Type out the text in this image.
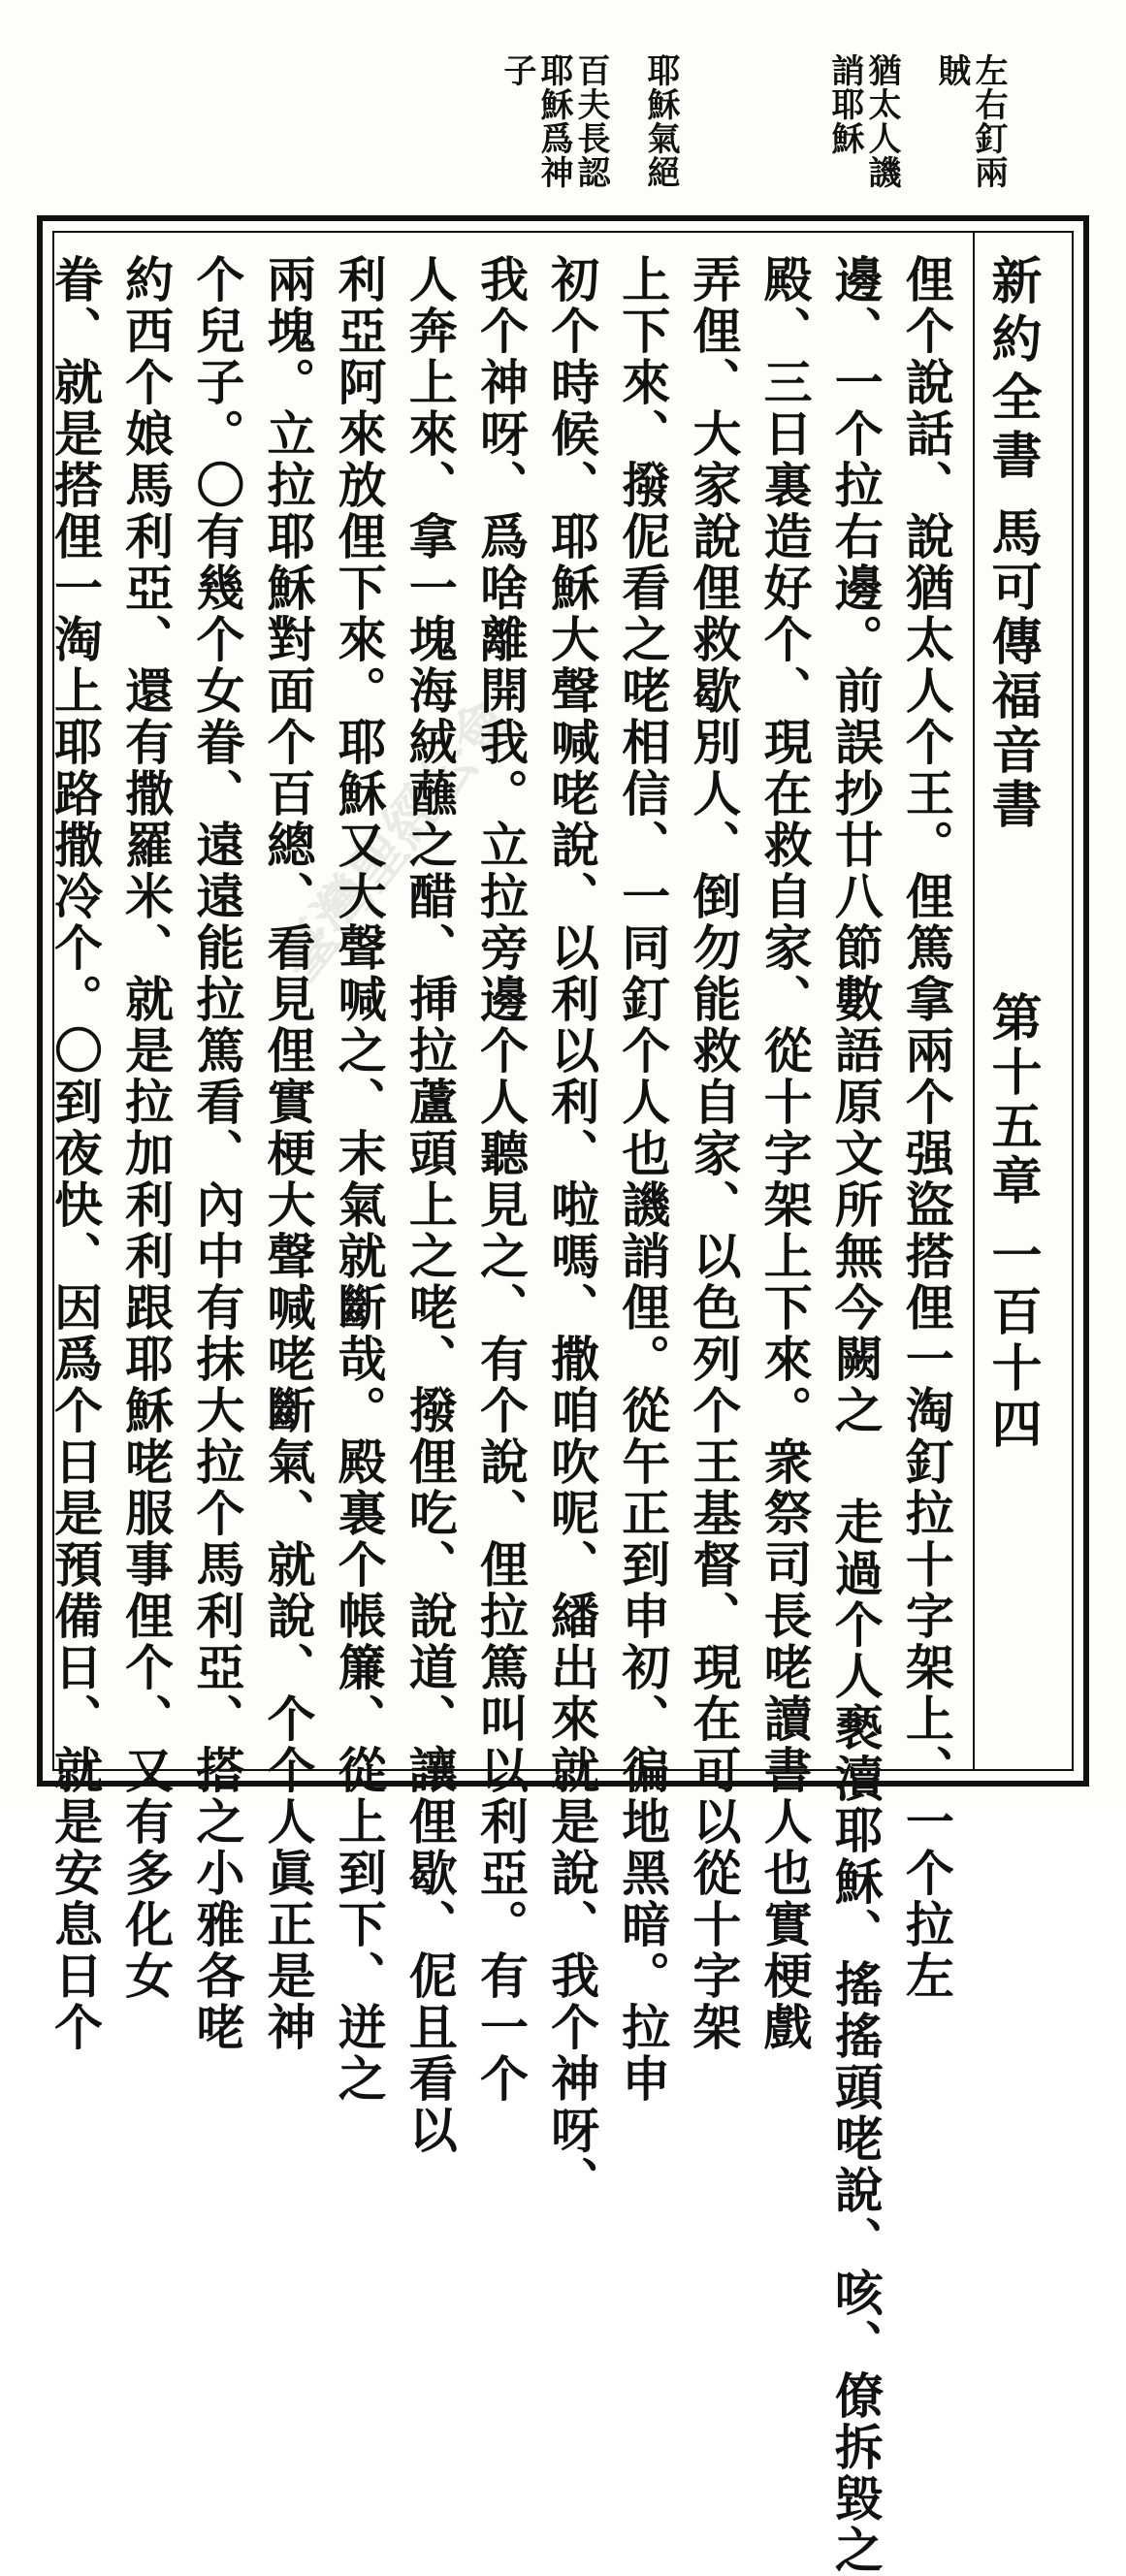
左右釘兩
賊
猶太人譏
誚耶穌
耶穌氣絕
百夫長認
耶穌爲神
子
新約全書
馬可傳福音書
第十五章
一百十四
俚个說話、說猶太人个王。俚篤拿兩个强盜搭俚一淘釘拉十字架上、一个拉左
邊、一个拉右邊。前誤抄廿八節數語原文所無今闕之 走過个人褻瀆耶穌、搖搖頭咾說、咳、僚拆毀之
殿、三日裏造好个、現在救自家、從十字架上下來。衆祭司長咾讀書人也實梗戲
弄俚、大家說俚救歇別人、倒勿能救自家、以色列个王基督、現在可以從十字架
上下來、撥伲看之咾相信、一同釘个人也譏誚俚。從午正到申初、徧地黑暗。拉申
初个時候、耶穌大聲喊咾說、以利以利、啦嗎、撒咱吹呢、繙出來就是說、我个神呀、
我个神呀、爲啥離開我。立拉旁邊个人聽見之、有个說、俚拉篤叫以利亞。有一个
人奔上來、拿一塊海絨蘸之醋、挿拉蘆頭上之咾、撥俚吃、說道、讓俚歇、伲且看以
利亞阿來放俚下來。耶穌又大聲喊之、末氣就斷哉。殿裏个帳簾、從上到下、迸之
兩塊。立拉耶穌對面个百總、看見俚實梗大聲喊咾斷氣、就說、个个人眞正是神
个兒子。〇有幾个女眷、遠遠能拉篤看、內中有抹大拉个馬利亞、搭之小雅各咾
約西个娘馬利亞、還有撒羅米、就是拉加利利跟耶穌咾服事俚个、又有多化女
眷、就是搭俚一淘上耶路撒冷个。〇到夜快、因爲个日是預備日、就是安息日个	臺灣聖經公會
